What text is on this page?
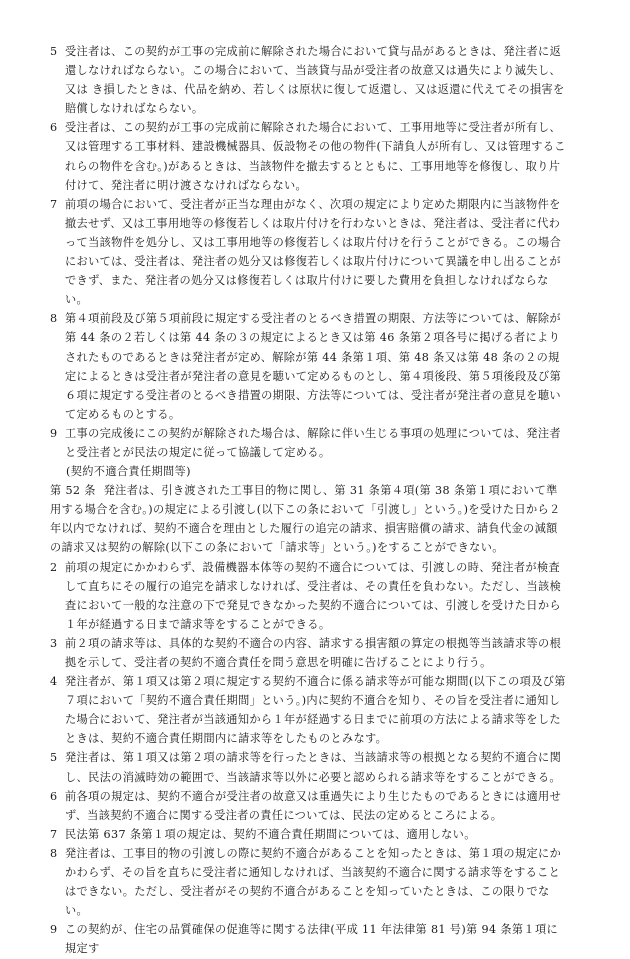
5 受注者は、この契約が工事の完成前に解除された場合において貸与品があるときは、発注者に返還しなければならない。この場合において、当該貸与品が受注者の故意又は過失により滅失し、又は き損したときは、代品を納め、若しくは原状に復して返還し、又は返還に代えてその損害を賠償しなければならない。

6 受注者は、この契約が工事の完成前に解除された場合において、工事用地等に受注者が所有し、又は管理する工事材料、建設機械器具、仮設物その他の物件(下請負人が所有し、又は管理するこれらの物件を含む。)があるときは、当該物件を撤去するとともに、工事用地等を修復し、取り片付けて、発注者に明け渡さなければならない。

7 前項の場合において、受注者が正当な理由がなく、次項の規定により定めた期限内に当該物件を撤去せず、又は工事用地等の修復若しくは取片付けを行わないときは、発注者は、受注者に代わって当該物件を処分し、又は工事用地等の修復若しくは取片付けを行うことができる。この場合においては、受注者は、発注者の処分又は修復若しくは取片付けについて異議を申し出ることができず、また、発注者の処分又は修復若しくは取片付けに要した費用を負担しなければならない。

8 第４項前段及び第５項前段に規定する受注者のとるべき措置の期限、方法等については、解除が第 44 条の２若しくは第 44 条の３の規定によるとき又は第 46 条第２項各号に掲げる者によりされたものであるときは発注者が定め、解除が第 44 条第１項、第 48 条又は第 48 条の２の規定によるときは受注者が発注者の意見を聴いて定めるものとし、第４項後段、第５項後段及び第６項に規定する受注者のとるべき措置の期限、方法等については、受注者が発注者の意見を聴いて定めるものとする。

9 工事の完成後にこの契約が解除された場合は、解除に伴い生じる事項の処理については、発注者と受注者とが民法の規定に従って協議して定める。

(契約不適合責任期間等)

第 52 条 発注者は、引き渡された工事目的物に関し、第 31 条第４項(第 38 条第１項において準用する場合を含む。)の規定による引渡し(以下この条において「引渡し」という。)を受けた日から２年以内でなければ、契約不適合を理由とした履行の追完の請求、損害賠償の請求、請負代金の減額の請求又は契約の解除(以下この条において「請求等」という。)をすることができない。

2 前項の規定にかかわらず、設備機器本体等の契約不適合については、引渡しの時、発注者が検査して直ちにその履行の追完を請求しなければ、受注者は、その責任を負わない。ただし、当該検査において一般的な注意の下で発見できなかった契約不適合については、引渡しを受けた日から１年が経過する日まで請求等をすることができる。

3 前２項の請求等は、具体的な契約不適合の内容、請求する損害額の算定の根拠等当該請求等の根拠を示して、受注者の契約不適合責任を問う意思を明確に告げることにより行う。

4 発注者が、第１項又は第２項に規定する契約不適合に係る請求等が可能な期間(以下この項及び第７項において「契約不適合責任期間」という。)内に契約不適合を知り、その旨を受注者に通知した場合において、発注者が当該通知から１年が経過する日までに前項の方法による請求等をしたときは、契約不適合責任期間内に請求等をしたものとみなす。

5 発注者は、第１項又は第２項の請求等を行ったときは、当該請求等の根拠となる契約不適合に関し、民法の消滅時効の範囲で、当該請求等以外に必要と認められる請求等をすることができる。

6 前各項の規定は、契約不適合が受注者の故意又は重過失により生じたものであるときには適用せず、当該契約不適合に関する受注者の責任については、民法の定めるところによる。

7 民法第 637 条第１項の規定は、契約不適合責任期間については、適用しない。

8 発注者は、工事目的物の引渡しの際に契約不適合があることを知ったときは、第１項の規定にかかわらず、その旨を直ちに受注者に通知しなければ、当該契約不適合に関する請求等をすることはできない。ただし、受注者がその契約不適合があることを知っていたときは、この限りでない。

9 この契約が、住宅の品質確保の促進等に関する法律(平成 11 年法律第 81 号)第 94 条第１項に規定す
